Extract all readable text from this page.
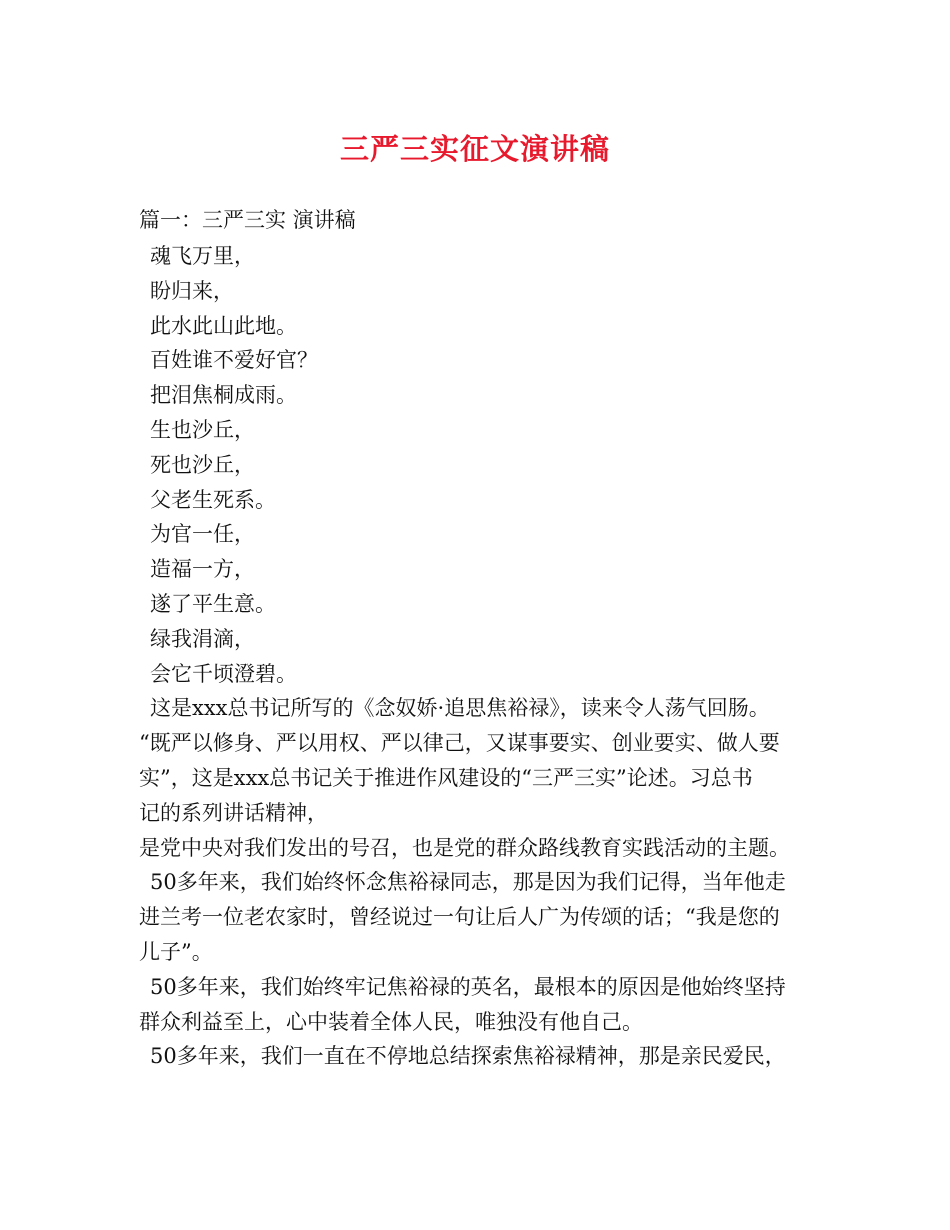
三严三实征文演讲稿
篇一：三严三实 演讲稿
魂飞万里，
盼归来，
此水此山此地。
百姓谁不爱好官？
把泪焦桐成雨。
生也沙丘，
死也沙丘，
父老生死系。
为官一任，
造福一方，
遂了平生意。
绿我涓滴，
会它千顷澄碧。
这是xxx总书记所写的《念奴娇·追思焦裕禄》，读来令人荡气回肠。
“既严以修身、严以用权、严以律己，又谋事要实、创业要实、做人要
实”，这是xxx总书记关于推进作风建设的“三严三实”论述。习总书
记的系列讲话精神，
是党中央对我们发出的号召，也是党的群众路线教育实践活动的主题。
50多年来，我们始终怀念焦裕禄同志，那是因为我们记得，当年他走
进兰考一位老农家时，曾经说过一句让后人广为传颂的话；“我是您的
儿子”。
50多年来，我们始终牢记焦裕禄的英名，最根本的原因是他始终坚持
群众利益至上，心中装着全体人民，唯独没有他自己。
50多年来，我们一直在不停地总结探索焦裕禄精神，那是亲民爱民，
